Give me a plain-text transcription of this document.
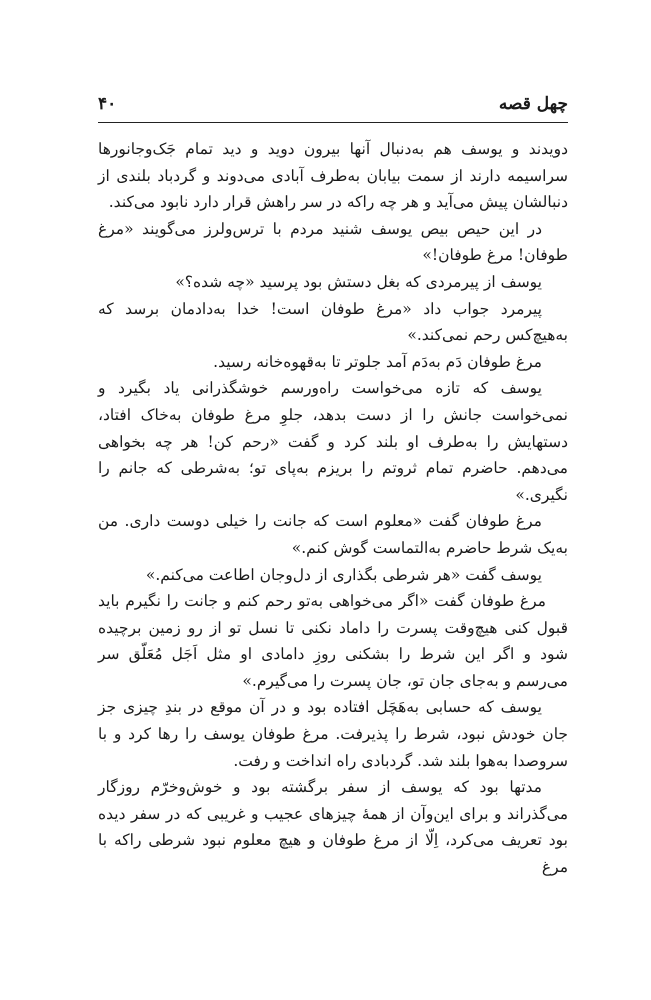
چهل قصه
۴۰

دویدند و یوسف هم به‌دنبال آنها بیرون دوید و دید تمام جَک‌وجانورها سراسیمه دارند از سمت بیابان به‌طرف آبادی می‌دوند و گردباد بلندی از دنبالشان پیش می‌آید و هر چه راکه در سر راهش قرار دارد نابود می‌کند.

در این حیص بیص یوسف شنید مردم با ترس‌ولرز می‌گویند «مرغ طوفان! مرغ طوفان!»

یوسف از پیرمردی که بغل دستش بود پرسید «چه شده؟»

پیرمرد جواب داد «مرغ طوفان است! خدا به‌دادمان برسد که به‌هیچ‌کس رحم نمی‌کند.»

مرغ طوفان دَم به‌دَم آمد جلوتر تا به‌قهوه‌خانه رسید.

یوسف که تازه می‌خواست راه‌ورسم خوشگذرانی یاد بگیرد و نمی‌خواست جانش را از دست بدهد، جلوِ مرغ طوفان به‌خاک افتاد، دستهایش را به‌طرف او بلند کرد و گفت «رحم کن! هر چه بخواهی می‌دهم. حاضرم تمام ثروتم را بریزم به‌پای تو؛ به‌شرطی که جانم را نگیری.»

مرغ طوفان گفت «معلوم است که جانت را خیلی دوست داری. من به‌یک شرط حاضرم به‌التماست گوش کنم.»

یوسف گفت «هر شرطی بگذاری از دل‌وجان اطاعت می‌کنم.»

مرغ طوفان گفت «اگر می‌خواهی به‌تو رحم کنم و جانت را نگیرم باید قبول کنی هیچ‌وقت پسرت را داماد نکنی تا نسل تو از رو زمین برچیده شود و اگر این شرط را بشکنی روزِ دامادی او مثل اَجَل مُعَلّق سر می‌رسم و به‌جای جان تو، جان پسرت را می‌گیرم.»

یوسف که حسابی به‌هَچَل افتاده بود و در آن موقع در بندِ چیزی جز جان خودش نبود، شرط را پذیرفت. مرغ طوفان یوسف را رها کرد و با سروصدا به‌هوا بلند شد. گردبادی راه انداخت و رفت.

مدتها بود که یوسف از سفر برگشته بود و خوش‌وخرّم روزگار می‌گذراند و برای این‌وآن از همهٔ چیزهای عجیب و غریبی که در سفر دیده بود تعریف می‌کرد، اِلّا از مرغ طوفان و هیچ معلوم نبود شرطی راکه با مرغ
